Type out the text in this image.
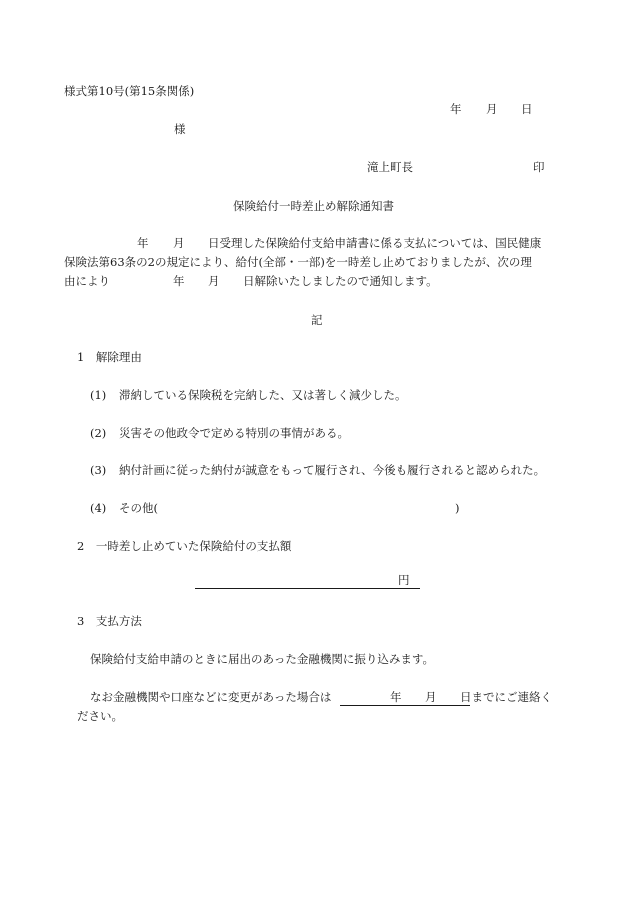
様式第10号(第15条関係)
年 月 日
様
滝上町長	印
保険給付一時差止め解除通知書
年 月 日受理した保険給付支給申請書に係る支払については、国民健康
保険法第63条の2の規定により、給付(全部・一部)を一時差し止めておりましたが、次の理
由により	年 月 日解除いたしましたので通知します。
記
1　解除理由
(1) 滞納している保険税を完納した、又は著しく減少した。
(2) 災害その他政令で定める特別の事情がある。
(3) 納付計画に従った納付が誠意をもって履行され、今後も履行されると認められた。
(4) その他(	)
2　一時差し止めていた保険給付の支払額
円
3　支払方法
保険給付支給申請のときに届出のあった金融機関に振り込みます。
なお金融機関や口座などに変更があった場合は	年 月 日までにご連絡く
ださい。
